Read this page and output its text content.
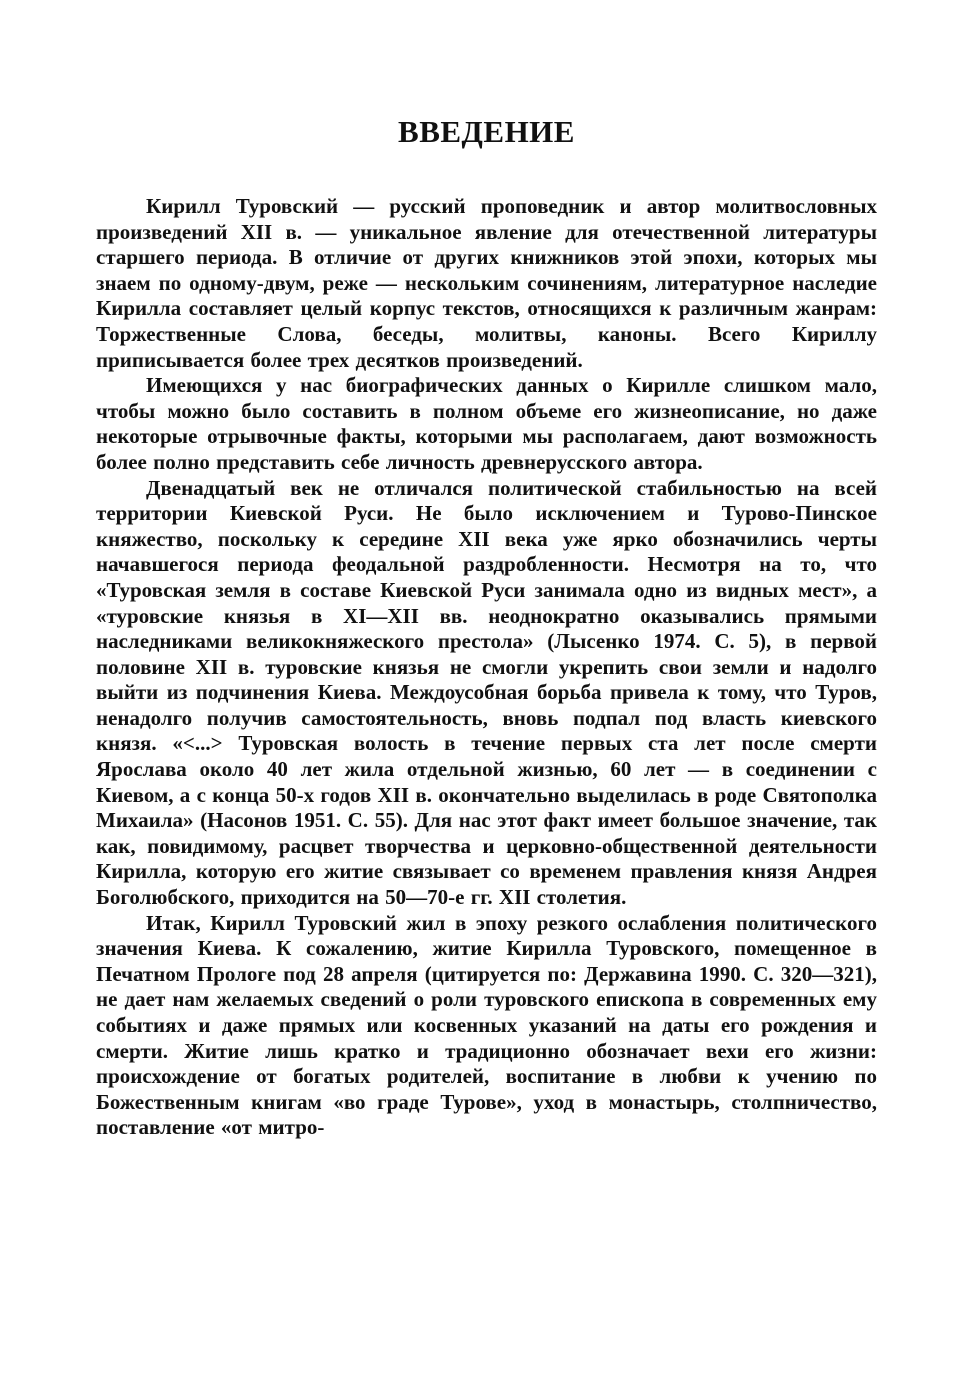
ВВЕДЕНИЕ

Кирилл Туровский — русский проповедник и автор молитвословных произведений XII в. — уникальное явление для отечественной литературы старшего периода. В отличие от других книжников этой эпохи, которых мы знаем по одному-двум, реже — нескольким сочинениям, литературное наследие Кирилла составляет целый корпус текстов, относящихся к различным жанрам: Торжественные Слова, беседы, молитвы, каноны. Всего Кириллу приписывается более трех десятков произведений.

Имеющихся у нас биографических данных о Кирилле слишком мало, чтобы можно было составить в полном объеме его жизнеописание, но даже некоторые отрывочные факты, которыми мы располагаем, дают возможность более полно представить себе личность древнерусского автора.

Двенадцатый век не отличался политической стабильностью на всей территории Киевской Руси. Не было исключением и Турово-Пинское княжество, поскольку к середине XII века уже ярко обозначились черты начавшегося периода феодальной раздробленности. Несмотря на то, что «Туровская земля в составе Киевской Руси занимала одно из видных мест», а «туровские князья в XI—XII вв. неоднократно оказывались прямыми наследниками великокняжеского престола» (Лысенко 1974. С. 5), в первой половине XII в. туровские князья не смогли укрепить свои земли и надолго выйти из подчинения Киева. Междоусобная борьба привела к тому, что Туров, ненадолго получив самостоятельность, вновь подпал под власть киевского князя. «<...> Туровская волость в течение первых ста лет после смерти Ярослава около 40 лет жила отдельной жизнью, 60 лет — в соединении с Киевом, а с конца 50-х годов XII в. окончательно выделилась в роде Святополка Михаила» (Насонов 1951. С. 55). Для нас этот факт имеет большое значение, так как, повидимому, расцвет творчества и церковно-общественной деятельности Кирилла, которую его житие связывает со временем правления князя Андрея Боголюбского, приходится на 50—70-е гг. XII столетия.

Итак, Кирилл Туровский жил в эпоху резкого ослабления политического значения Киева. К сожалению, житие Кирилла Туровского, помещенное в Печатном Прологе под 28 апреля (цитируется по: Державина 1990. С. 320—321), не дает нам желаемых сведений о роли туровского епископа в современных ему событиях и даже прямых или косвенных указаний на даты его рождения и смерти. Житие лишь кратко и традиционно обозначает вехи его жизни: происхождение от богатых родителей, воспитание в любви к учению по Божественным книгам «во граде Турове», уход в монастырь, столпничество, поставление «от митро-
